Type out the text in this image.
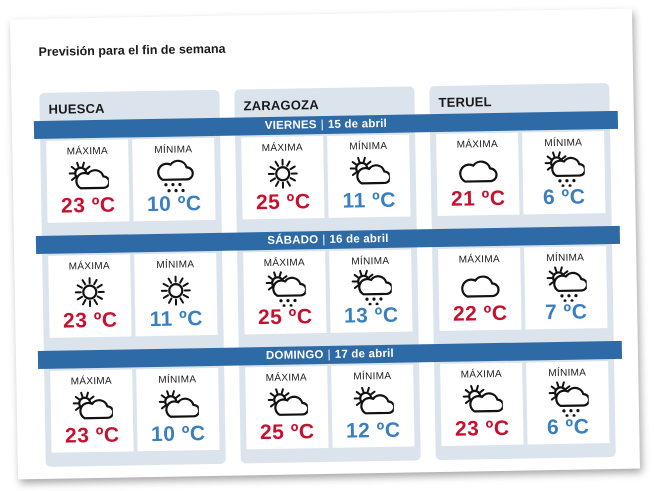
Previsión para el fin de semana
HUESCA	ZARAGOZA	TERUEL
VIERNES | 15 de abril
MÁXIMA
23 ºC
MÍNIMA
10 ºC
MÁXIMA
25 ºC
MÍNIMA
11 ºC
MÁXIMA
21 ºC
MÍNIMA
6 ºC
SÁBADO | 16 de abril
MÁXIMA
23 ºC
MÍNIMA
11 ºC
MÁXIMA
25 ºC
MÍNIMA
13 ºC
MÁXIMA
22 ºC
MÍNIMA
7 ºC
DOMINGO | 17 de abril
MÁXIMA
23 ºC
MÍNIMA
10 ºC
MÁXIMA
25 ºC
MÍNIMA
12 ºC
MÁXIMA
23 ºC
MÍNIMA
6 ºC
